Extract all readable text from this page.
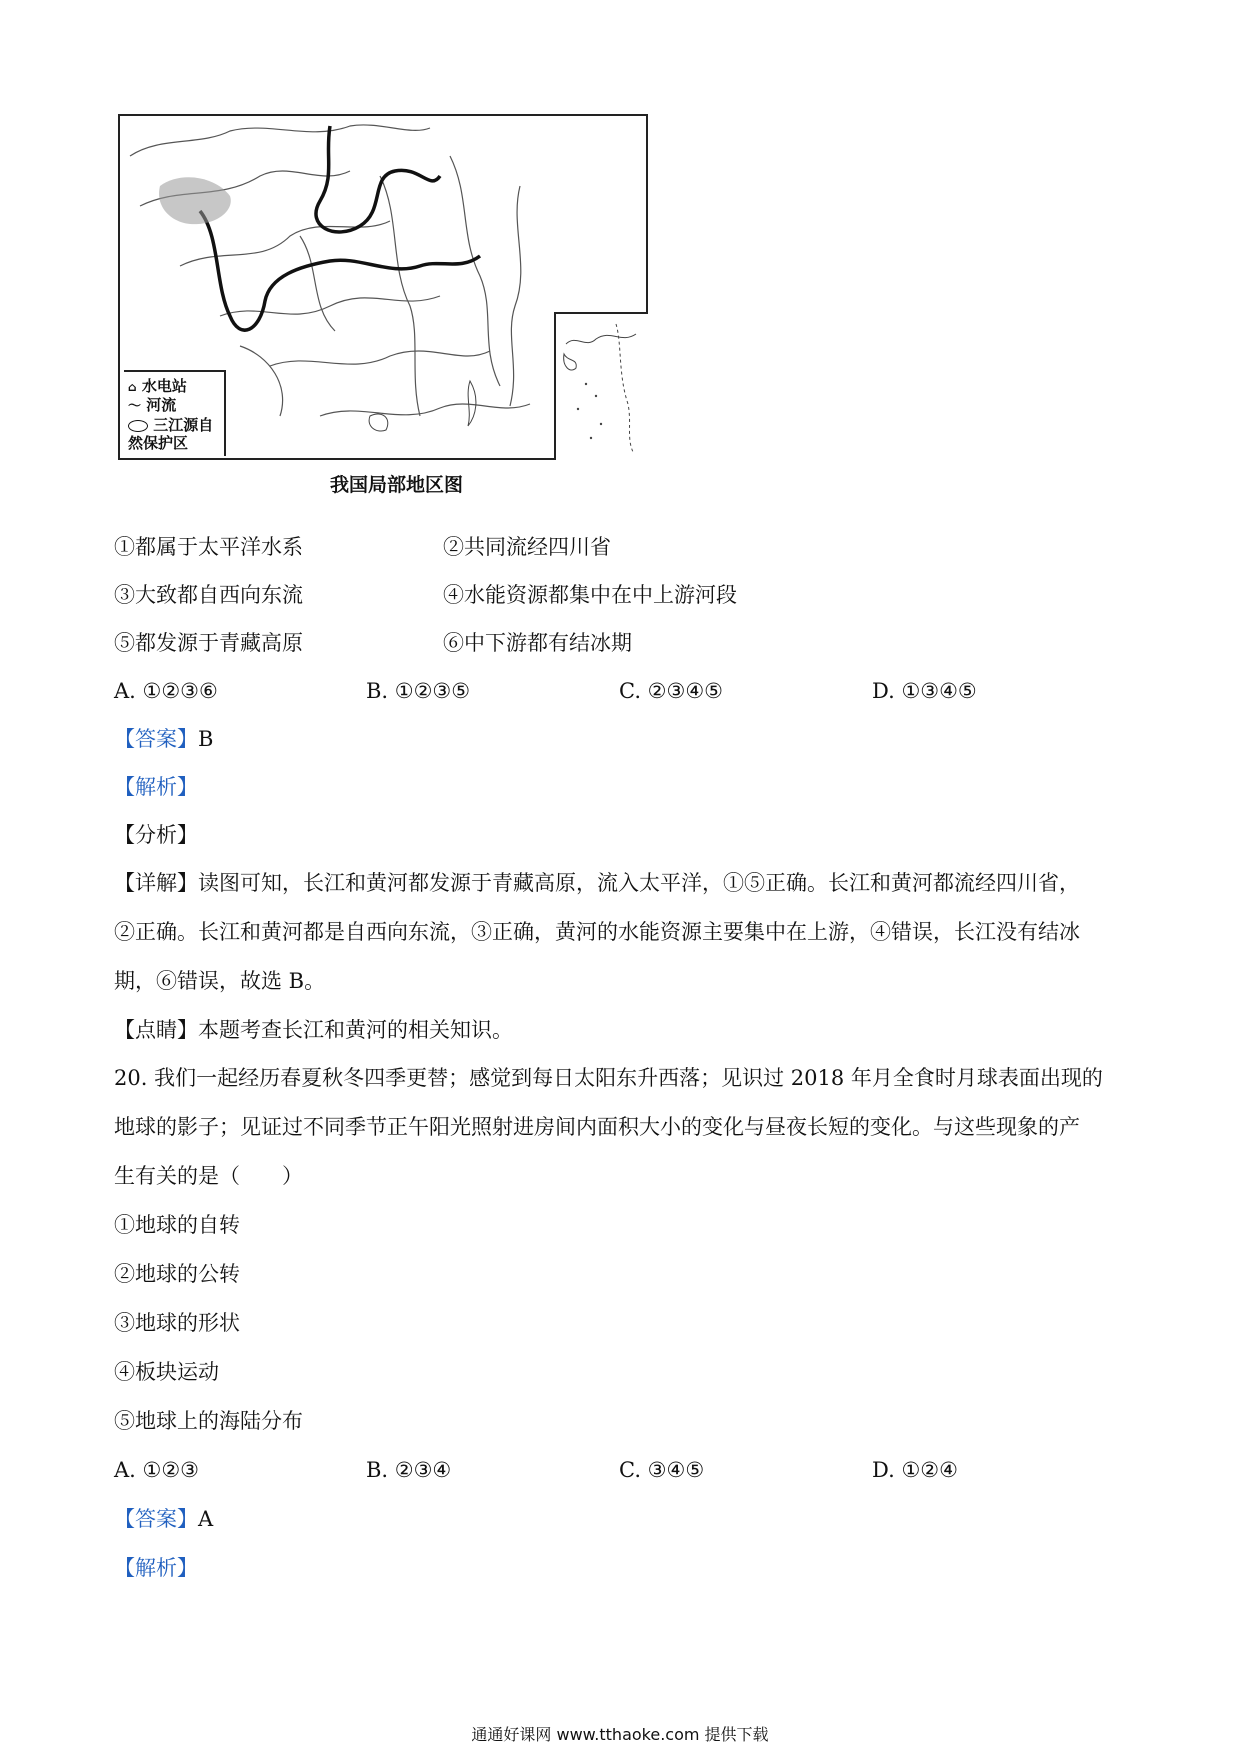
⌂ 水电站
〜 河流
三江源自
然保护区
我国局部地区图
①都属于太平洋水系	②共同流经四川省
③大致都自西向东流	④水能资源都集中在中上游河段
⑤都发源于青藏高原	⑥中下游都有结冰期
A. ①②③⑥	B. ①②③⑤	C. ②③④⑤	D. ①③④⑤
【答案】B
【解析】
【分析】
【详解】读图可知，长江和黄河都发源于青藏高原，流入太平洋，①⑤正确。长江和黄河都流经四川省，
②正确。长江和黄河都是自西向东流，③正确，黄河的水能资源主要集中在上游，④错误，长江没有结冰
期，⑥错误，故选 B。
【点睛】本题考查长江和黄河的相关知识。
20. 我们一起经历春夏秋冬四季更替；感觉到每日太阳东升西落；见识过 2018 年月全食时月球表面出现的
地球的影子；见证过不同季节正午阳光照射进房间内面积大小的变化与昼夜长短的变化。与这些现象的产
生有关的是（　　）
①地球的自转
②地球的公转
③地球的形状
④板块运动
⑤地球上的海陆分布
A. ①②③	B. ②③④	C. ③④⑤	D. ①②④
【答案】A
【解析】
通通好课网 www.tthaoke.com 提供下载
